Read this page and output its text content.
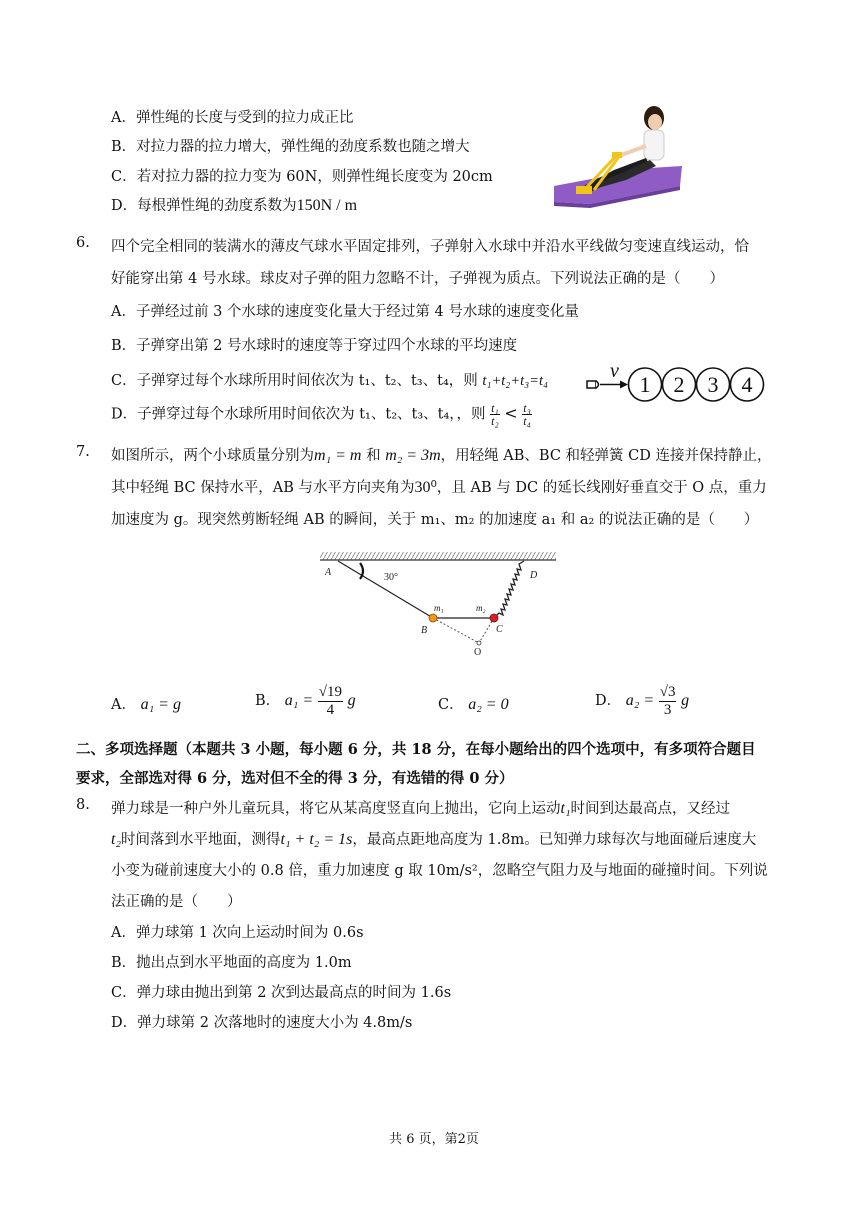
A．弹性绳的长度与受到的拉力成正比
B．对拉力器的拉力增大，弹性绳的劲度系数也随之增大
C．若对拉力器的拉力变为 60N，则弹性绳长度变为 20cm
D．每根弹性绳的劲度系数为150N / m
6. 四个完全相同的装满水的薄皮气球水平固定排列，子弹射入水球中并沿水平线做匀变速直线运动，恰
好能穿出第 4 号水球。球皮对子弹的阻力忽略不计，子弹视为质点。下列说法正确的是（　　）
A．子弹经过前 3 个水球的速度变化量大于经过第 4 号水球的速度变化量
B．子弹穿出第 2 号水球时的速度等于穿过四个水球的平均速度
C．子弹穿过每个水球所用时间依次为 t₁、t₂、t₃、t₄，则 t₁+t₂+t₃=t₄
D．子弹穿过每个水球所用时间依次为 t₁、t₂、t₃、t₄，，则 $\frac{\text{t₁}}{\text{t₂}} < \frac{\text{t₃}}{\text{t₄}}$
v
1 2 3 4
7. 如图所示，两个小球质量分别为m₁ = m 和 m₂ = 3m，用轻绳 AB、BC 和轻弹簧 CD 连接并保持静止，
其中轻绳 BC 保持水平，AB 与水平方向夹角为30⁰，且 AB 与 DC 的延长线刚好垂直交于 O 点，重力
加速度为 g。现突然剪断轻绳 AB 的瞬间，关于 m₁、m₂ 的加速度 a₁ 和 a₂ 的说法正确的是（　　）
30°
A	D
B	C
O
m₁	m₂
A． a₁ = g	B． $a_1 = \frac{√19}{4}$ g	C． a₂ = 0	D． $a_2 = \frac{√3}{3}$ g
二、多项选择题（本题共 3 小题，每小题 6 分，共 18 分，在每小题给出的四个选项中，有多项符合题目
要求，全部选对得 6 分，选对但不全的得 3 分，有选错的得 0 分）
8. 弹力球是一种户外儿童玩具，将它从某高度竖直向上抛出，它向上运动t₁时间到达最高点，又经过
t₂时间落到水平地面，测得t₁ + t₂ = 1s，最高点距地高度为 1.8m。已知弹力球每次与地面碰后速度大
小变为碰前速度大小的 0.8 倍，重力加速度 g 取 10m/s²，忽略空气阻力及与地面的碰撞时间。下列说
法正确的是（　　）
A．弹力球第 1 次向上运动时间为 0.6s
B．抛出点到水平地面的高度为 1.0m
C．弹力球由抛出到第 2 次到达最高点的时间为 1.6s
D．弹力球第 2 次落地时的速度大小为 4.8m/s
共 6 页，第2页
